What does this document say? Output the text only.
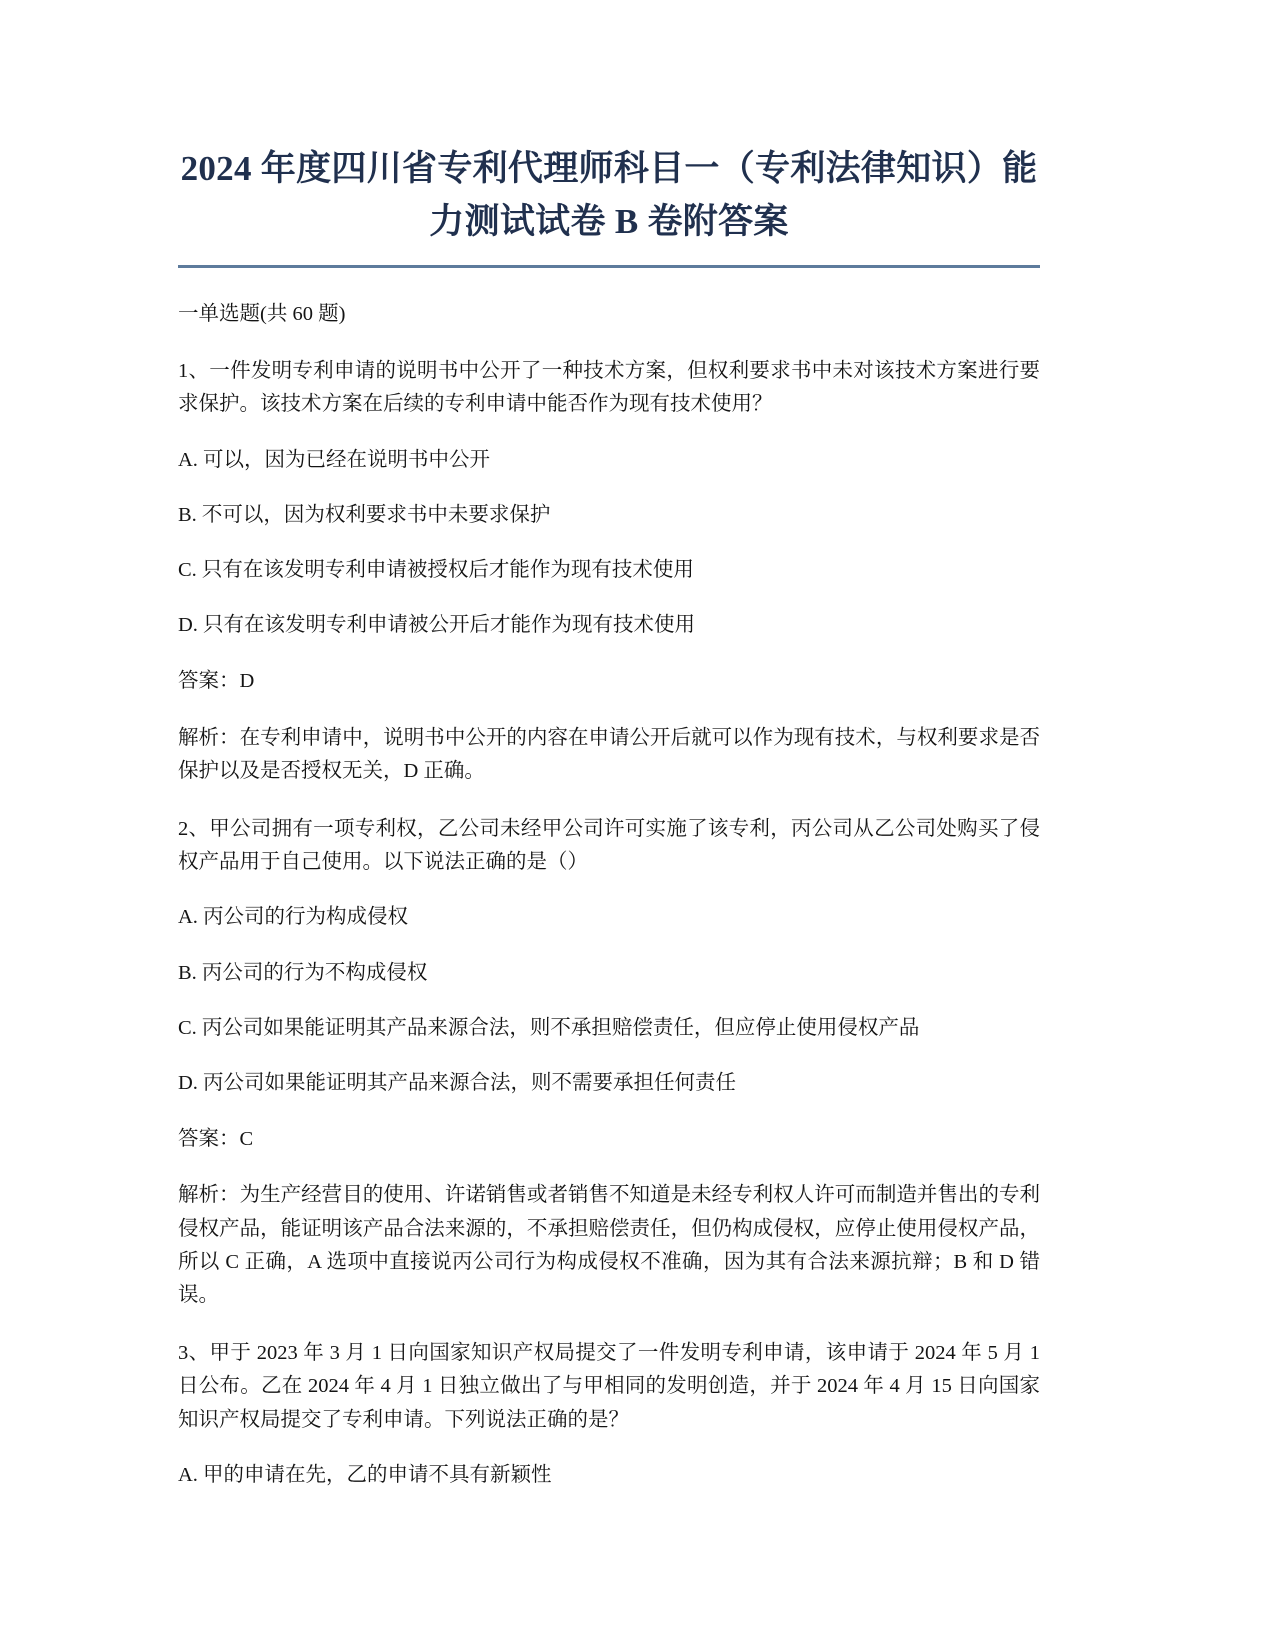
2024 年度四川省专利代理师科目一（专利法律知识）能力测试试卷 B 卷附答案

一单选题(共 60 题)

1、一件发明专利申请的说明书中公开了一种技术方案，但权利要求书中未对该技术方案进行要求保护。该技术方案在后续的专利申请中能否作为现有技术使用？

A. 可以，因为已经在说明书中公开

B. 不可以，因为权利要求书中未要求保护

C. 只有在该发明专利申请被授权后才能作为现有技术使用

D. 只有在该发明专利申请被公开后才能作为现有技术使用

答案：D

解析：在专利申请中，说明书中公开的内容在申请公开后就可以作为现有技术，与权利要求是否保护以及是否授权无关，D 正确。

2、甲公司拥有一项专利权，乙公司未经甲公司许可实施了该专利，丙公司从乙公司处购买了侵权产品用于自己使用。以下说法正确的是（）

A. 丙公司的行为构成侵权

B. 丙公司的行为不构成侵权

C. 丙公司如果能证明其产品来源合法，则不承担赔偿责任，但应停止使用侵权产品

D. 丙公司如果能证明其产品来源合法，则不需要承担任何责任

答案：C

解析：为生产经营目的使用、许诺销售或者销售不知道是未经专利权人许可而制造并售出的专利侵权产品，能证明该产品合法来源的，不承担赔偿责任，但仍构成侵权，应停止使用侵权产品，所以 C 正确，A 选项中直接说丙公司行为构成侵权不准确，因为其有合法来源抗辩；B 和 D 错误。

3、甲于 2023 年 3 月 1 日向国家知识产权局提交了一件发明专利申请，该申请于 2024 年 5 月 1 日公布。乙在 2024 年 4 月 1 日独立做出了与甲相同的发明创造，并于 2024 年 4 月 15 日向国家知识产权局提交了专利申请。下列说法正确的是？

A. 甲的申请在先，乙的申请不具有新颖性
